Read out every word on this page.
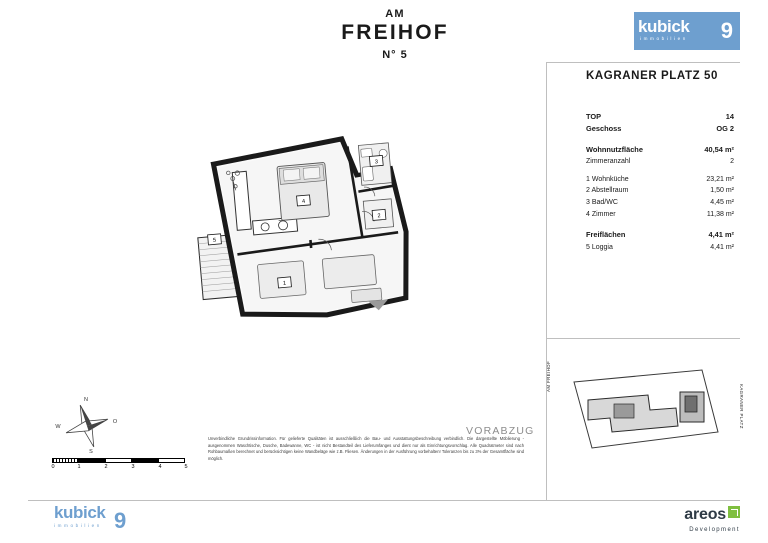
AM
FREIHOF
N° 5
kubick 9
immobilien
KAGRANER PLATZ 50
TOP	14
Geschoss	OG 2

Wohnnutzfläche	40,54 m²
Zimmeranzahl	2

1 Wohnküche	23,21 m²
2 Abstellraum	1,50 m²
3 Bad/WC	4,45 m²
4 Zimmer	11,38 m²

Freiflächen	4,41 m²
5 Loggia	4,41 m²
1
2
3
4
5
N
O
S
W
0	1	2	3	4	5
VORABZUG
Unverbindliche Grundrissinformation. Für gelieferte Qualitäten ist ausschließlich die Bau- und Ausstattungsbeschreibung verbindlich. Die dargestellte Möblierung - ausgenommen Waschtische, Dusche, Badewanne, WC - ist nicht Bestandteil des Lieferumfanges und dient nur als Einrichtungsvorschlag. Alle Quadratmeter sind nach Rohbaumaßen berechnet und berücksichtigen keine Wandbeläge wie z.B. Fliesen. Änderungen in der Ausführung vorbehalten! Toleranzen bis zu 3% der Gesamtfläche sind möglich.
AM FREIHOF
KAGRANER PLATZ
kubick 9
immobilien
areos
Development
